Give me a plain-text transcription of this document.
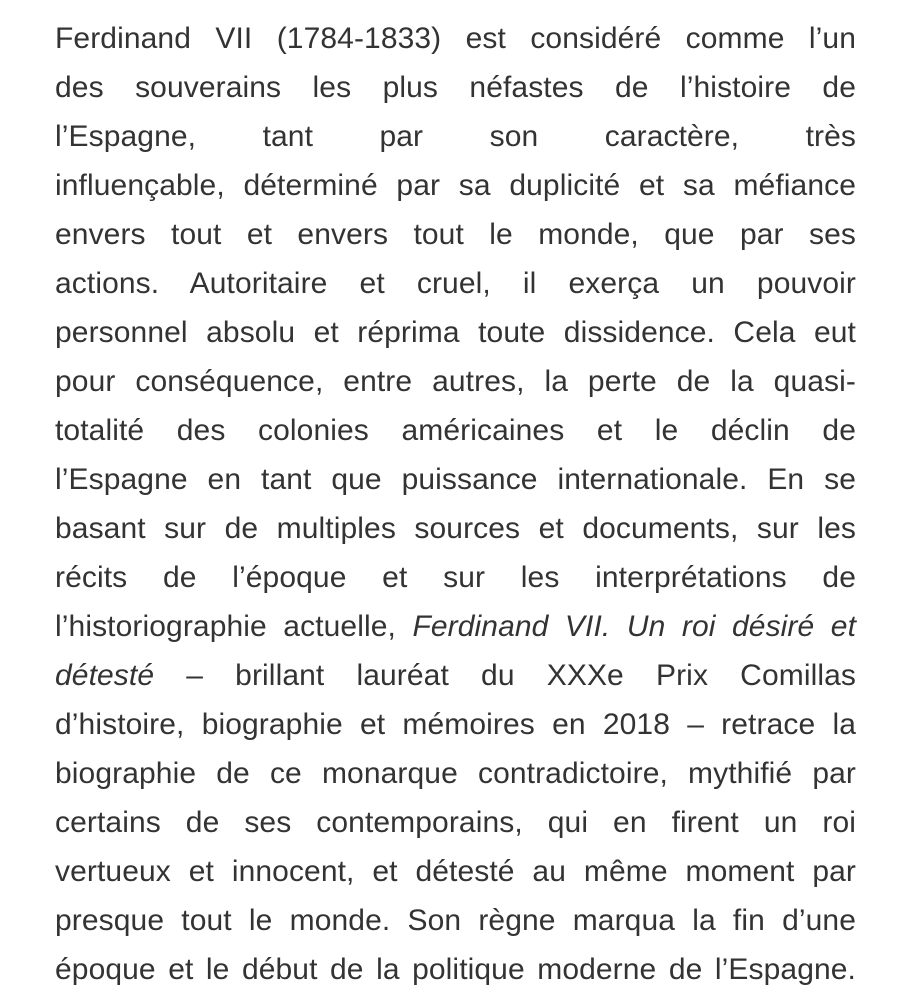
Ferdinand VII (1784-1833) est considéré comme l’un
des souverains les plus néfastes de l’histoire de
l’Espagne, tant par son caractère, très
influençable, déterminé par sa duplicité et sa méfiance
envers tout et envers tout le monde, que par ses
actions. Autoritaire et cruel, il exerça un pouvoir
personnel absolu et réprima toute dissidence. Cela eut
pour conséquence, entre autres, la perte de la quasi-
totalité des colonies américaines et le déclin de
l’Espagne en tant que puissance internationale. En se
basant sur de multiples sources et documents, sur les
récits de l’époque et sur les interprétations de
l’historiographie actuelle, Ferdinand VII. Un roi désiré et
détesté – brillant lauréat du XXXe Prix Comillas
d’histoire, biographie et mémoires en 2018 – retrace la
biographie de ce monarque contradictoire, mythifié par
certains de ses contemporains, qui en firent un roi
vertueux et innocent, et détesté au même moment par
presque tout le monde. Son règne marqua la fin d’une
époque et le début de la politique moderne de l’Espagne.
